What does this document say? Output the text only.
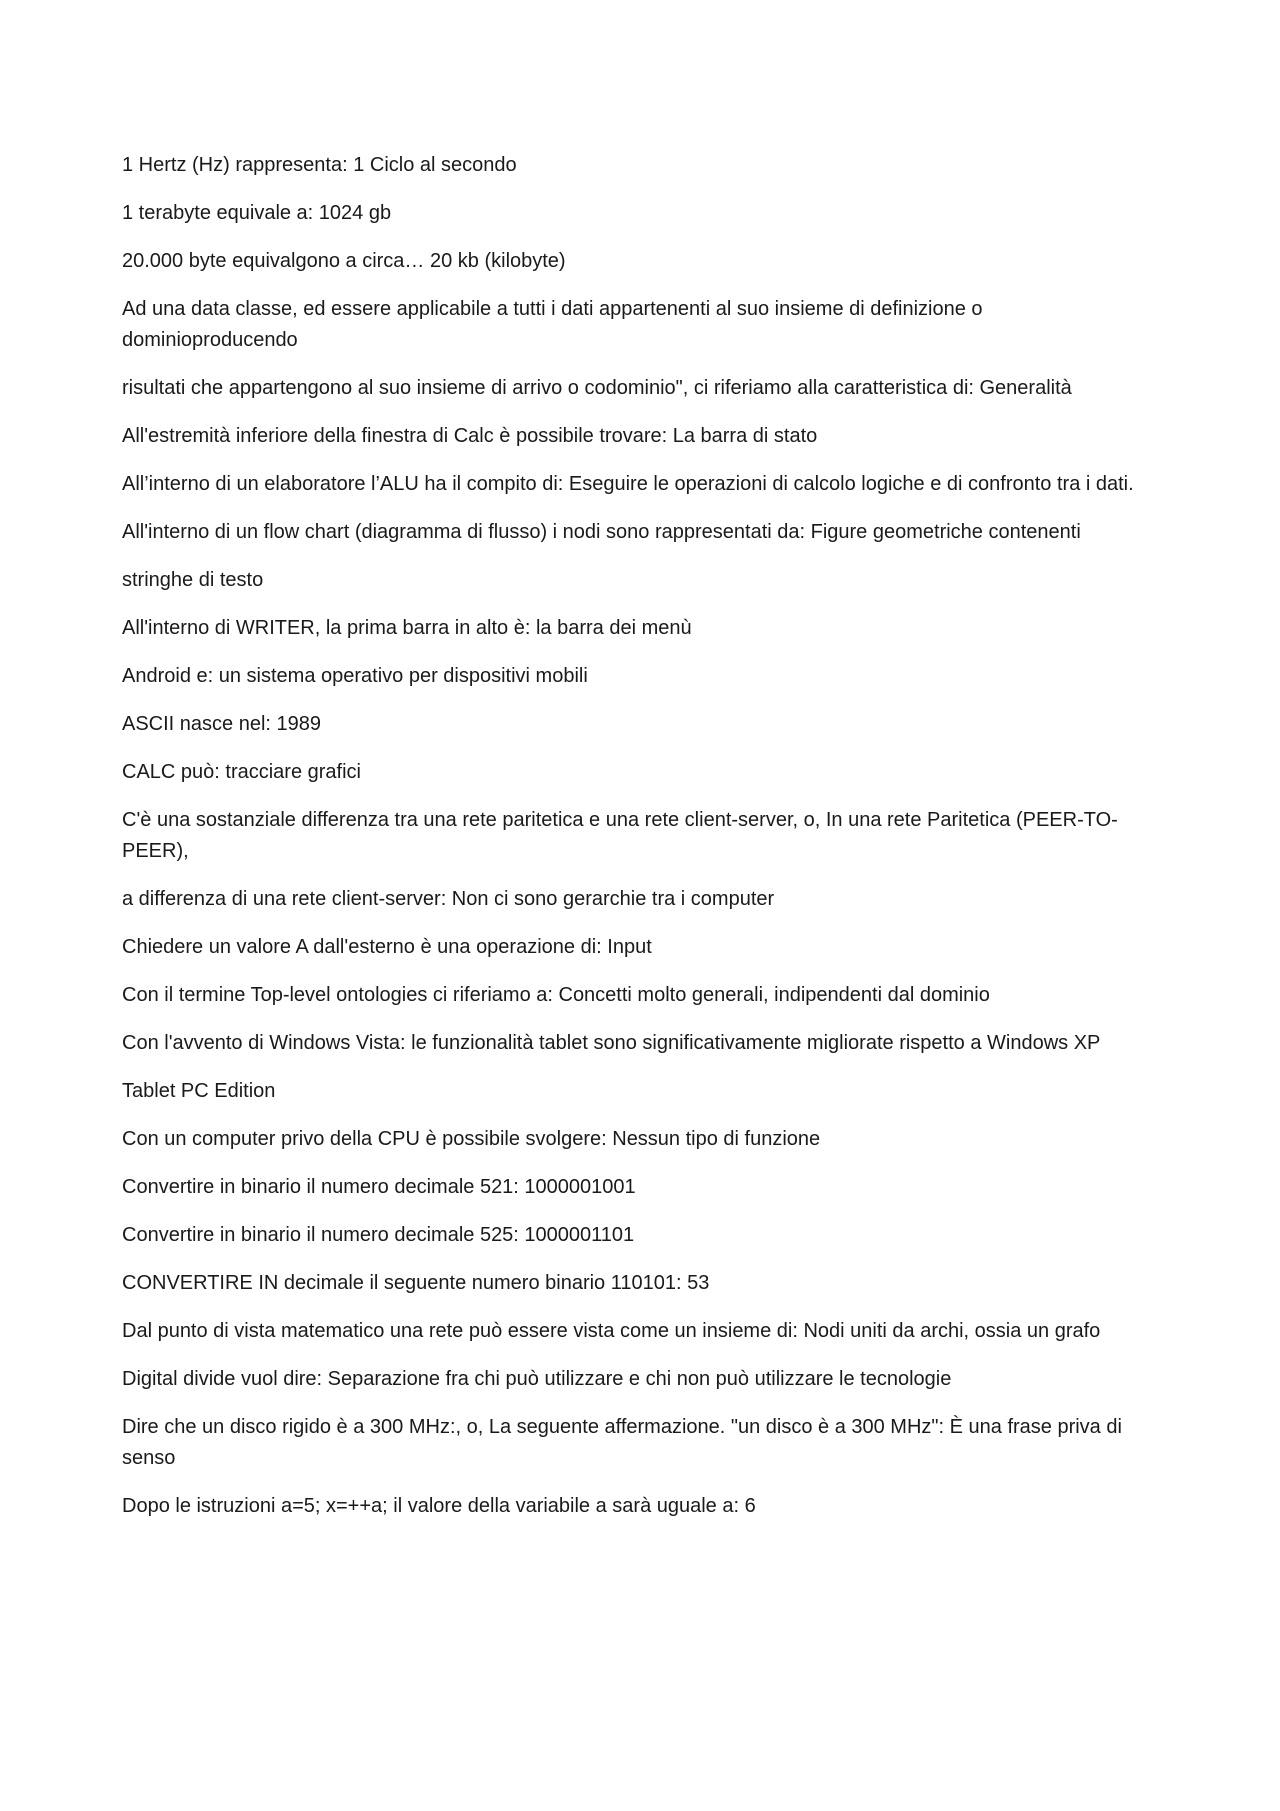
1 Hertz (Hz) rappresenta: 1 Ciclo al secondo

1 terabyte equivale a: 1024 gb

20.000 byte equivalgono a circa… 20 kb (kilobyte)

Ad una data classe, ed essere applicabile a tutti i dati appartenenti al suo insieme di definizione o dominioproducendo

risultati che appartengono al suo insieme di arrivo o codominio", ci riferiamo alla caratteristica di: Generalità

All'estremità inferiore della finestra di Calc è possibile trovare: La barra di stato

All’interno di un elaboratore l’ALU ha il compito di: Eseguire le operazioni di calcolo logiche e di confronto tra i dati.

All'interno di un flow chart (diagramma di flusso) i nodi sono rappresentati da: Figure geometriche contenenti

stringhe di testo

All'interno di WRITER, la prima barra in alto è: la barra dei menù

Android e: un sistema operativo per dispositivi mobili

ASCII nasce nel: 1989

CALC può: tracciare grafici

C'è una sostanziale differenza tra una rete paritetica e una rete client-server, o, In una rete Paritetica (PEER-TO-PEER),

a differenza di una rete client-server: Non ci sono gerarchie tra i computer

Chiedere un valore A dall'esterno è una operazione di: Input

Con il termine Top-level ontologies ci riferiamo a: Concetti molto generali, indipendenti dal dominio

Con l'avvento di Windows Vista: le funzionalità tablet sono significativamente migliorate rispetto a Windows XP

Tablet PC Edition

Con un computer privo della CPU è possibile svolgere: Nessun tipo di funzione

Convertire in binario il numero decimale 521: 1000001001

Convertire in binario il numero decimale 525: 1000001101

CONVERTIRE IN decimale il seguente numero binario 110101: 53

Dal punto di vista matematico una rete può essere vista come un insieme di: Nodi uniti da archi, ossia un grafo

Digital divide vuol dire: Separazione fra chi può utilizzare e chi non può utilizzare le tecnologie

Dire che un disco rigido è a 300 MHz:, o, La seguente affermazione. "un disco è a 300 MHz": È una frase priva di senso

Dopo le istruzioni a=5; x=++a; il valore della variabile a sarà uguale a: 6
